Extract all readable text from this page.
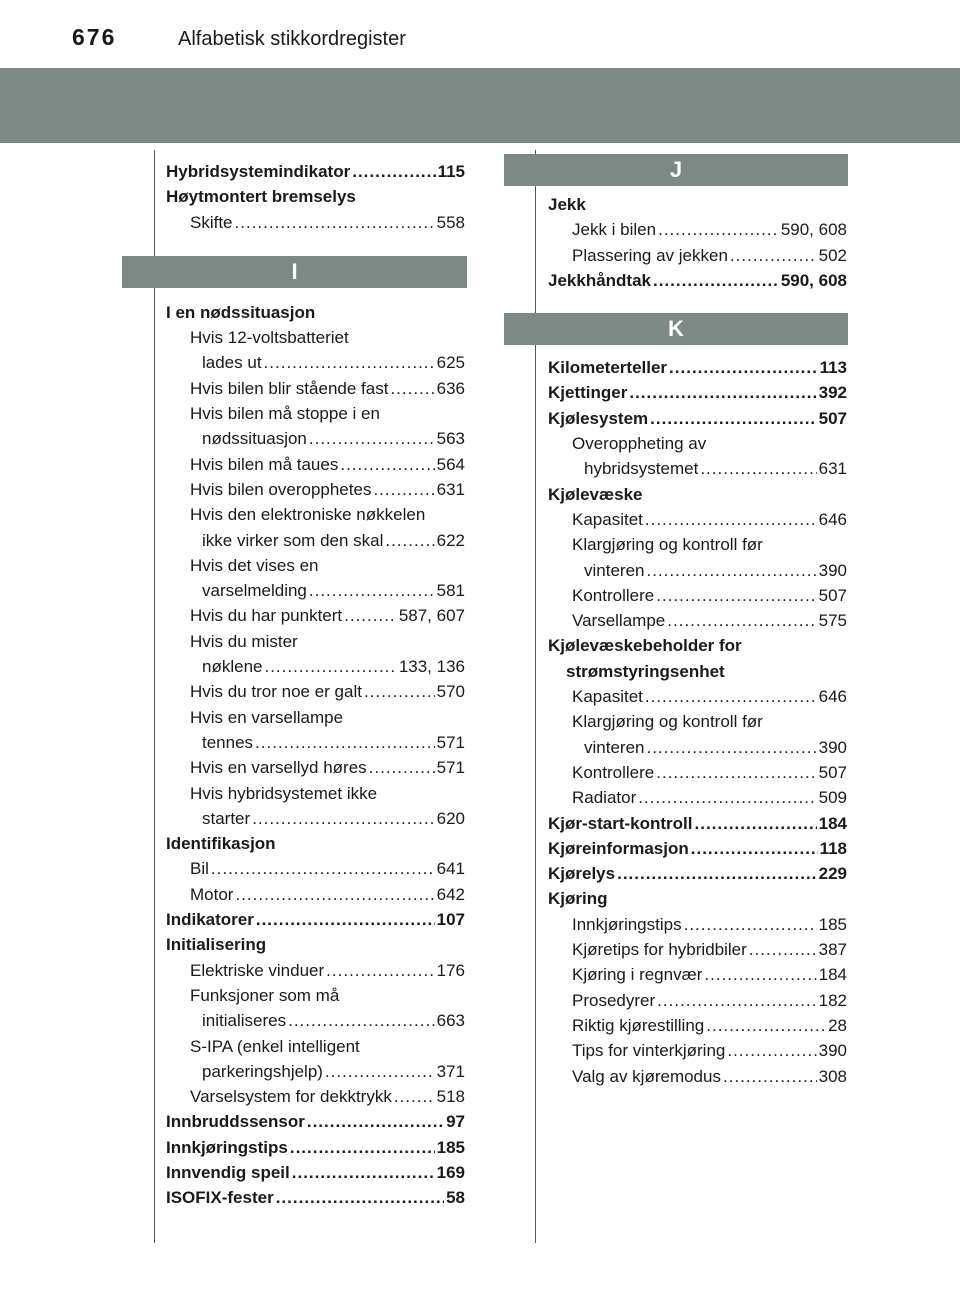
676	Alfabetisk stikkordregister
Hybridsystemindikator .....	115
Høytmontert bremselys
Skifte .....	558
I
I en nødssituasjon
Hvis 12-voltsbatteriet
lades ut .....	625
Hvis bilen blir stående fast .....	636
Hvis bilen må stoppe i en
nødssituasjon .....	563
Hvis bilen må taues .....	564
Hvis bilen overopphetes .....	631
Hvis den elektroniske nøkkelen
ikke virker som den skal .....	622
Hvis det vises en
varselmelding .....	581
Hvis du har punktert .....	587, 607
Hvis du mister
nøklene .....	133, 136
Hvis du tror noe er galt .....	570
Hvis en varsellampe
tennes .....	571
Hvis en varsellyd høres .....	571
Hvis hybridsystemet ikke
starter .....	620
Identifikasjon
Bil .....	641
Motor .....	642
Indikatorer .....	107
Initialisering
Elektriske vinduer .....	176
Funksjoner som må
initialiseres .....	663
S-IPA (enkel intelligent
parkeringshjelp) .....	371
Varselsystem for dekktrykk .....	518
Innbruddssensor .....	97
Innkjøringstips .....	185
Innvendig speil .....	169
ISOFIX-fester .....	58
J
Jekk
Jekk i bilen .....	590, 608
Plassering av jekken .....	502
Jekkhåndtak .....	590, 608
K
Kilometerteller .....	113
Kjettinger .....	392
Kjølesystem .....	507
Overoppheting av
hybridsystemet .....	631
Kjølevæske
Kapasitet .....	646
Klargjøring og kontroll før
vinteren .....	390
Kontrollere .....	507
Varsellampe .....	575
Kjølevæskebeholder for
strømstyringsenhet
Kapasitet .....	646
Klargjøring og kontroll før
vinteren .....	390
Kontrollere .....	507
Radiator .....	509
Kjør-start-kontroll .....	184
Kjøreinformasjon .....	118
Kjørelys .....	229
Kjøring
Innkjøringstips .....	185
Kjøretips for hybridbiler .....	387
Kjøring i regnvær .....	184
Prosedyrer .....	182
Riktig kjørestilling .....	28
Tips for vinterkjøring .....	390
Valg av kjøremodus .....	308
